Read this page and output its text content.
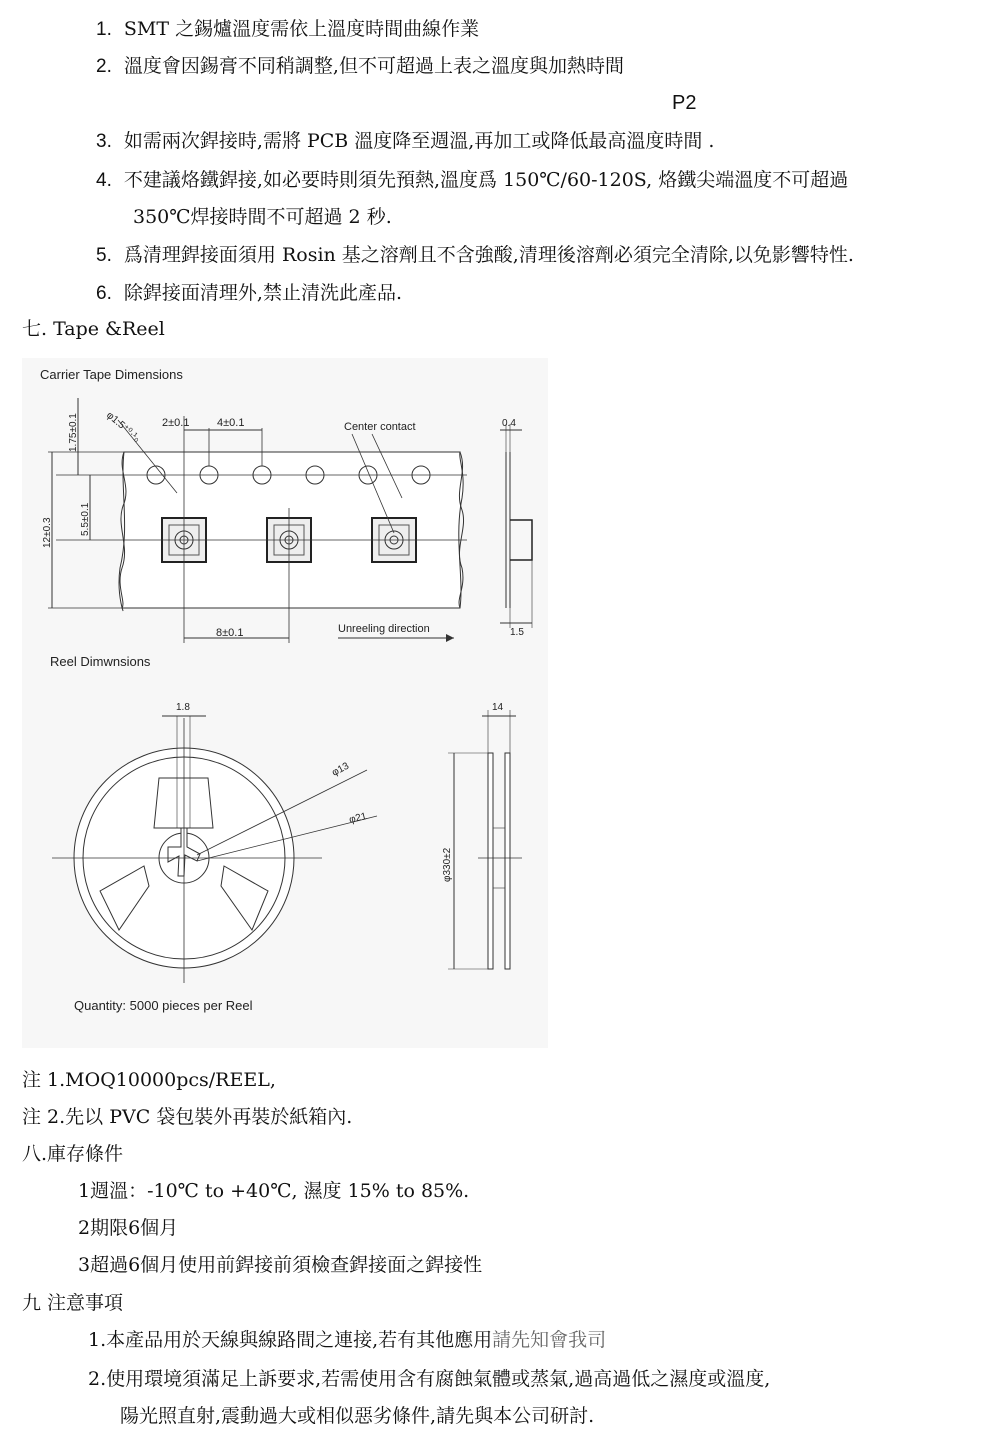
1. SMT 之錫爐溫度需依上溫度時間曲線作業
2. 溫度會因錫膏不同稍調整,但不可超過上表之溫度與加熱時間
P2
3. 如需兩次銲接時,需將 PCB 溫度降至週溫,再加工或降低最高溫度時間 .
4. 不建議烙鐵銲接,如必要時則須先預熱,溫度爲 150℃/60-120S, 烙鐵尖端溫度不可超過
350℃焊接時間不可超過 2 秒.
5. 爲清理銲接面須用 Rosin 基之溶劑且不含強酸,清理後溶劑必須完全清除,以免影響特性.
6. 除銲接面清理外,禁止清洗此產品.
七. Tape &Reel
Carrier Tape Dimensions
1.75±0.1
5.5±0.1
12±0.3
2±0.1	4±0.1
φ1.5⁺⁰·¹₀	Center contact
8±0.1	Unreeling direction
0.4
1.5
Reel Dimwnsions
1.8
φ13
φ21
14
φ330±2
Quantity: 5000 pieces per Reel
注 1.MOQ10000pcs/REEL,
注 2.先以 PVC 袋包裝外再裝於紙箱內.
八.庫存條件
1週溫：-10℃ to +40℃, 濕度 15% to 85%.
2期限6個月
3超過6個月使用前銲接前須檢查銲接面之銲接性
九 注意事項
1.本產品用於天線與線路間之連接,若有其他應用請先知會我司
2.使用環境須滿足上訴要求,若需使用含有腐蝕氣體或蒸氣,過高過低之濕度或溫度,
陽光照直射,震動過大或相似惡劣條件,請先與本公司研討.
